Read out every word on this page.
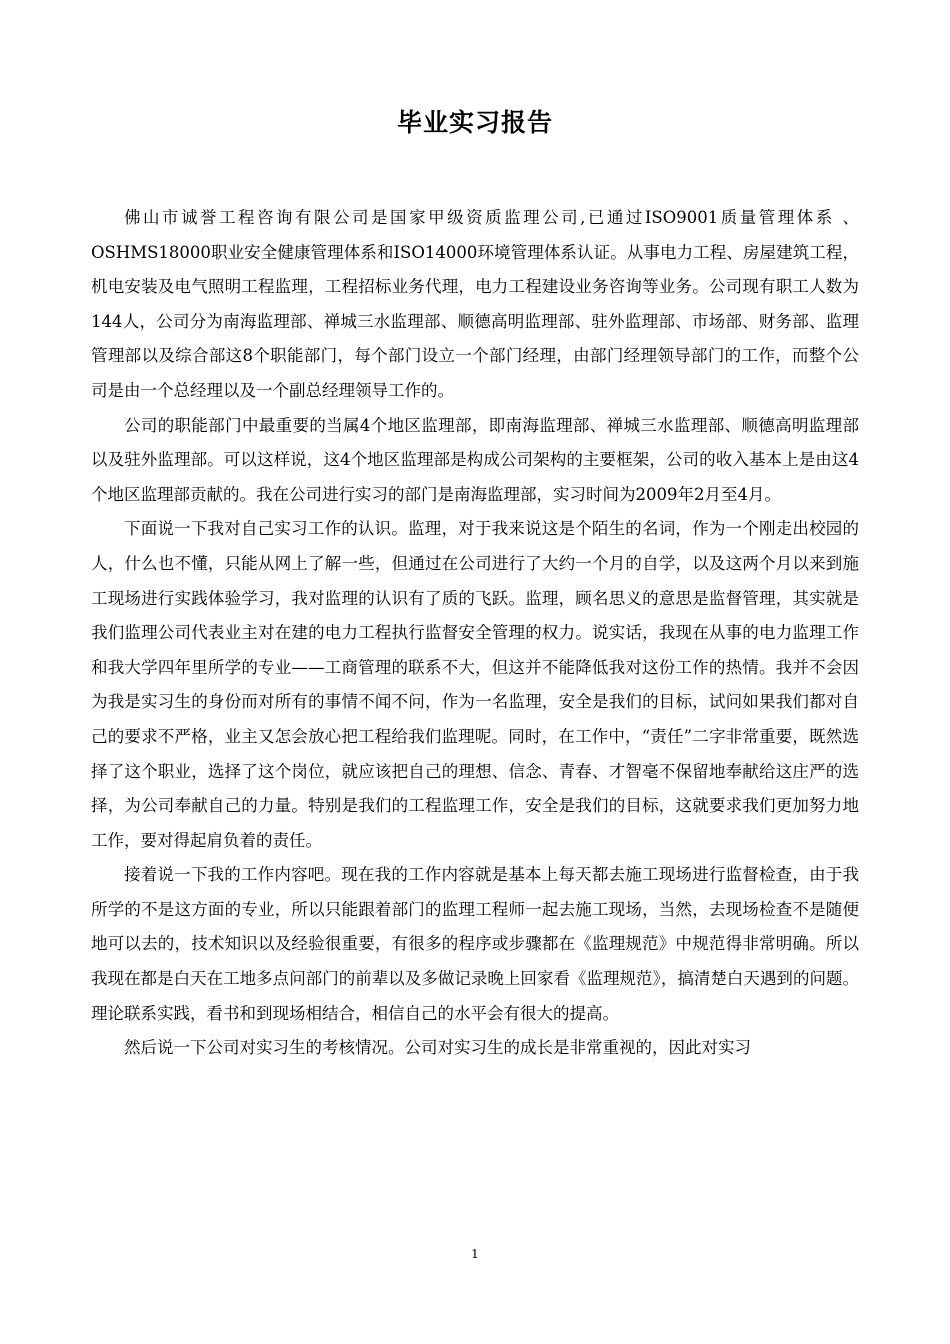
毕业实习报告

佛山市诚誉工程咨询有限公司是国家甲级资质监理公司,已通过ISO9001质量管理体系 、OSHMS18000职业安全健康管理体系和ISO14000环境管理体系认证。从事电力工程、房屋建筑工程，机电安装及电气照明工程监理，工程招标业务代理，电力工程建设业务咨询等业务。公司现有职工人数为144人，公司分为南海监理部、禅城三水监理部、顺德高明监理部、驻外监理部、市场部、财务部、监理管理部以及综合部这8个职能部门，每个部门设立一个部门经理，由部门经理领导部门的工作，而整个公司是由一个总经理以及一个副总经理领导工作的。

公司的职能部门中最重要的当属4个地区监理部，即南海监理部、禅城三水监理部、顺德高明监理部以及驻外监理部。可以这样说，这4个地区监理部是构成公司架构的主要框架，公司的收入基本上是由这4个地区监理部贡献的。我在公司进行实习的部门是南海监理部，实习时间为2009年2月至4月。

下面说一下我对自己实习工作的认识。监理，对于我来说这是个陌生的名词，作为一个刚走出校园的人，什么也不懂，只能从网上了解一些，但通过在公司进行了大约一个月的自学，以及这两个月以来到施工现场进行实践体验学习，我对监理的认识有了质的飞跃。监理，顾名思义的意思是监督管理，其实就是我们监理公司代表业主对在建的电力工程执行监督安全管理的权力。说实话，我现在从事的电力监理工作和我大学四年里所学的专业——工商管理的联系不大，但这并不能降低我对这份工作的热情。我并不会因为我是实习生的身份而对所有的事情不闻不问，作为一名监理，安全是我们的目标，试问如果我们都对自己的要求不严格，业主又怎会放心把工程给我们监理呢。同时，在工作中，“责任”二字非常重要，既然选择了这个职业，选择了这个岗位，就应该把自己的理想、信念、青春、才智毫不保留地奉献给这庄严的选择，为公司奉献自己的力量。特别是我们的工程监理工作，安全是我们的目标，这就要求我们更加努力地工作，要对得起肩负着的责任。

接着说一下我的工作内容吧。现在我的工作内容就是基本上每天都去施工现场进行监督检查，由于我所学的不是这方面的专业，所以只能跟着部门的监理工程师一起去施工现场，当然，去现场检查不是随便地可以去的，技术知识以及经验很重要，有很多的程序或步骤都在《监理规范》中规范得非常明确。所以我现在都是白天在工地多点问部门的前辈以及多做记录晚上回家看《监理规范》，搞清楚白天遇到的问题。理论联系实践，看书和到现场相结合，相信自己的水平会有很大的提高。

然后说一下公司对实习生的考核情况。公司对实习生的成长是非常重视的，因此对实习

1
